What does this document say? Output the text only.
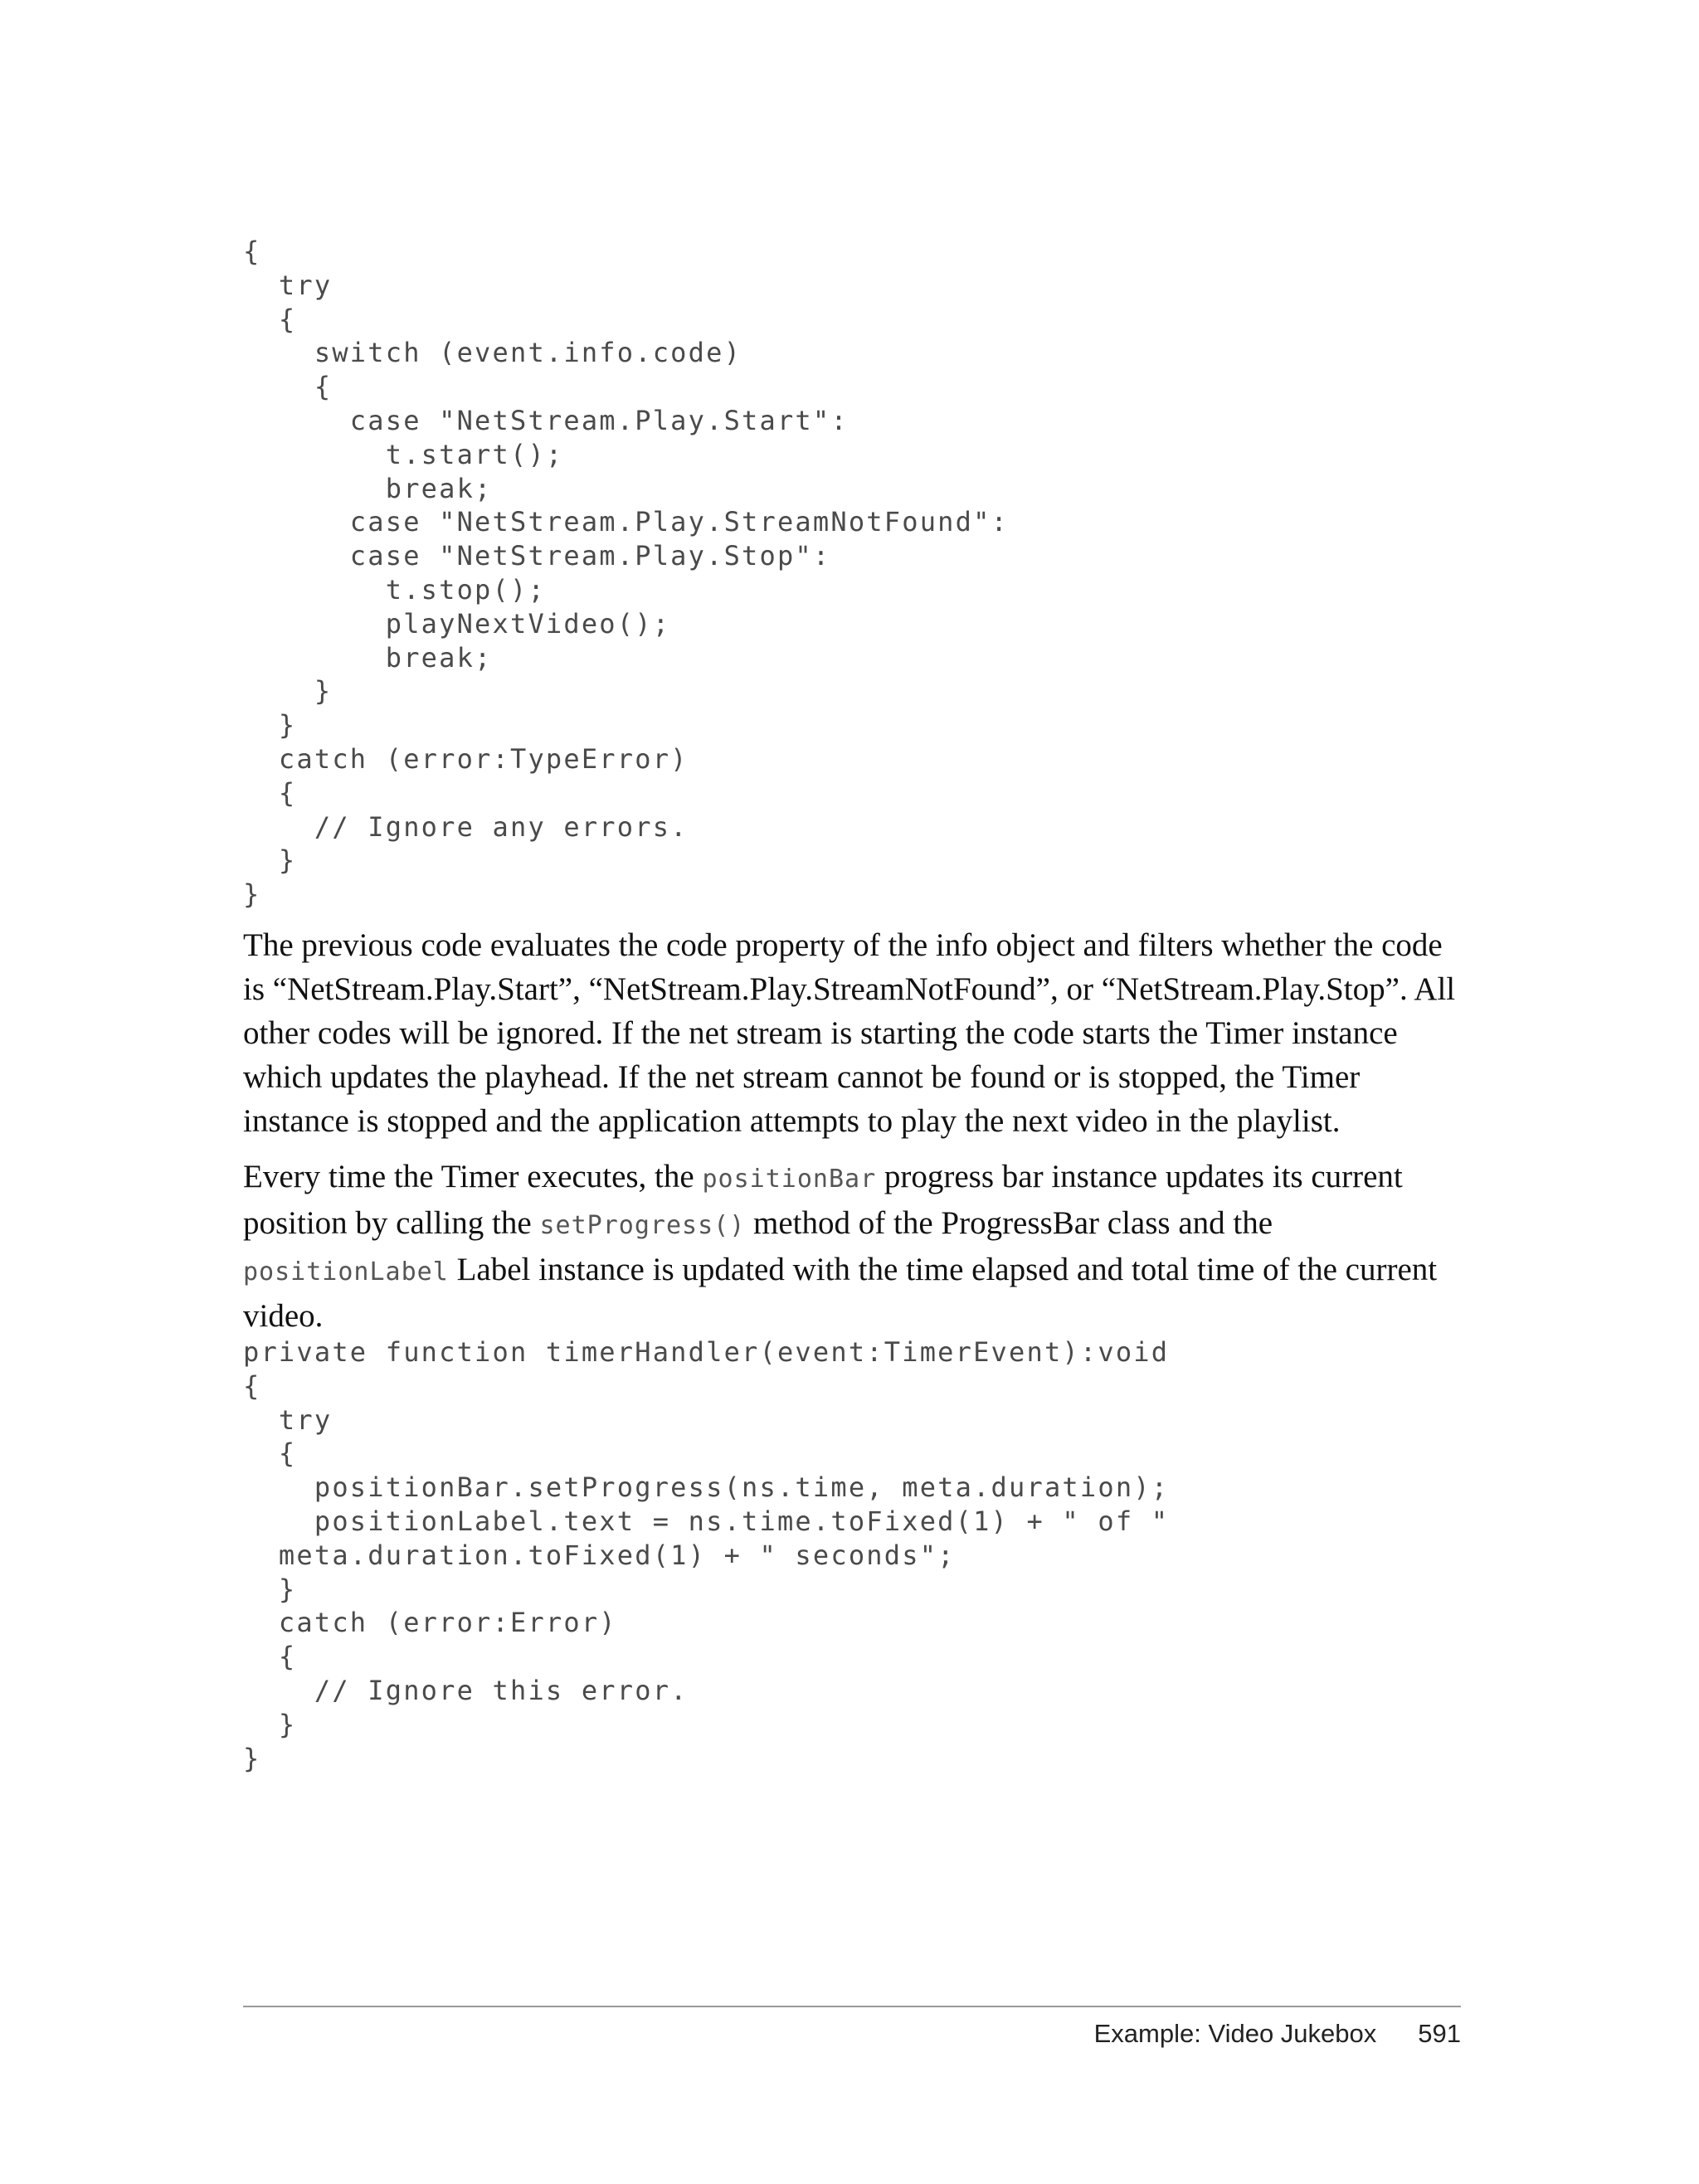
{
try
{
switch (event.info.code)
{
case "NetStream.Play.Start":
t.start();
break;
case "NetStream.Play.StreamNotFound":
case "NetStream.Play.Stop":
t.stop();
playNextVideo();
break;
}
}
catch (error:TypeError)
{
// Ignore any errors.
}
}

The previous code evaluates the code property of the info object and filters whether the code is “NetStream.Play.Start”, “NetStream.Play.StreamNotFound”, or “NetStream.Play.Stop”. All other codes will be ignored. If the net stream is starting the code starts the Timer instance which updates the playhead. If the net stream cannot be found or is stopped, the Timer instance is stopped and the application attempts to play the next video in the playlist.

Every time the Timer executes, the positionBar progress bar instance updates its current position by calling the setProgress() method of the ProgressBar class and the positionLabel Label instance is updated with the time elapsed and total time of the current video.

private function timerHandler(event:TimerEvent):void
{
try
{
positionBar.setProgress(ns.time, meta.duration);
positionLabel.text = ns.time.toFixed(1) + " of "
meta.duration.toFixed(1) + " seconds";
}
catch (error:Error)
{
// Ignore this error.
}
}
Example: Video Jukebox 591
